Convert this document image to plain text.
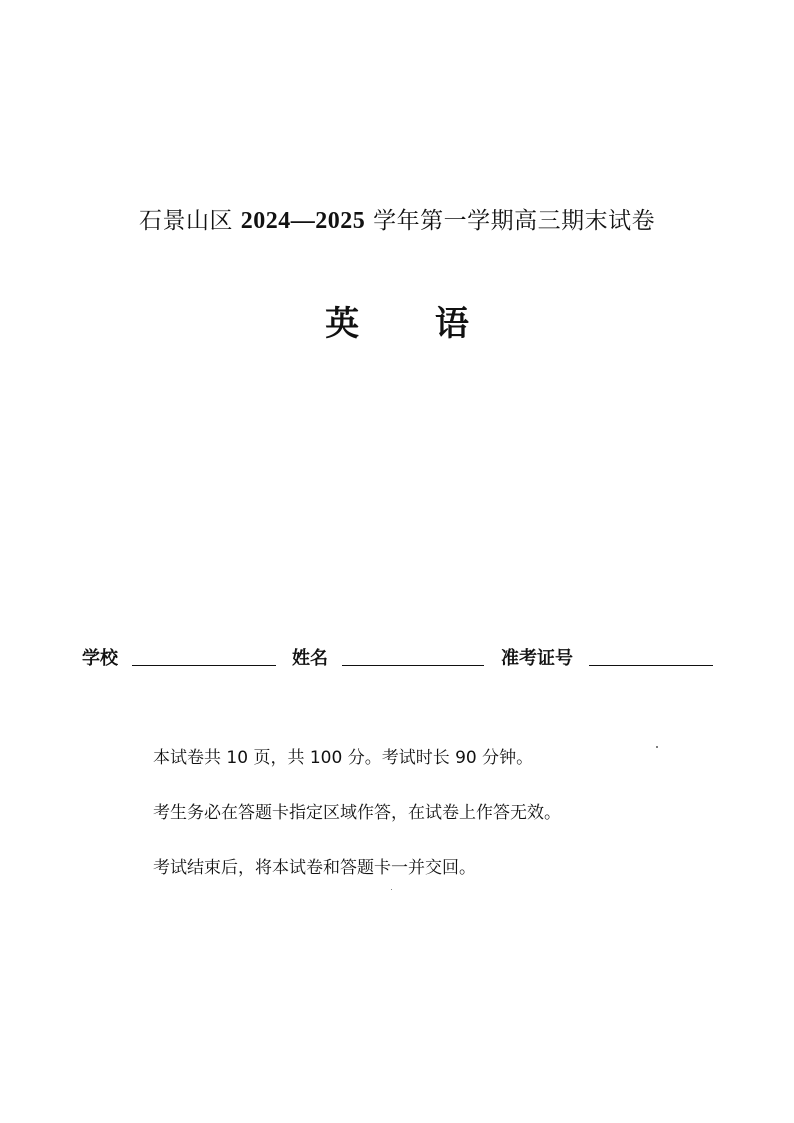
石景山区 2024—2025 学年第一学期高三期末试卷
英 语
学校	姓名	准考证号
本试卷共 10 页，共 100 分。考试时长 90 分钟。
考生务必在答题卡指定区域作答，在试卷上作答无效。
考试结束后，将本试卷和答题卡一并交回。
